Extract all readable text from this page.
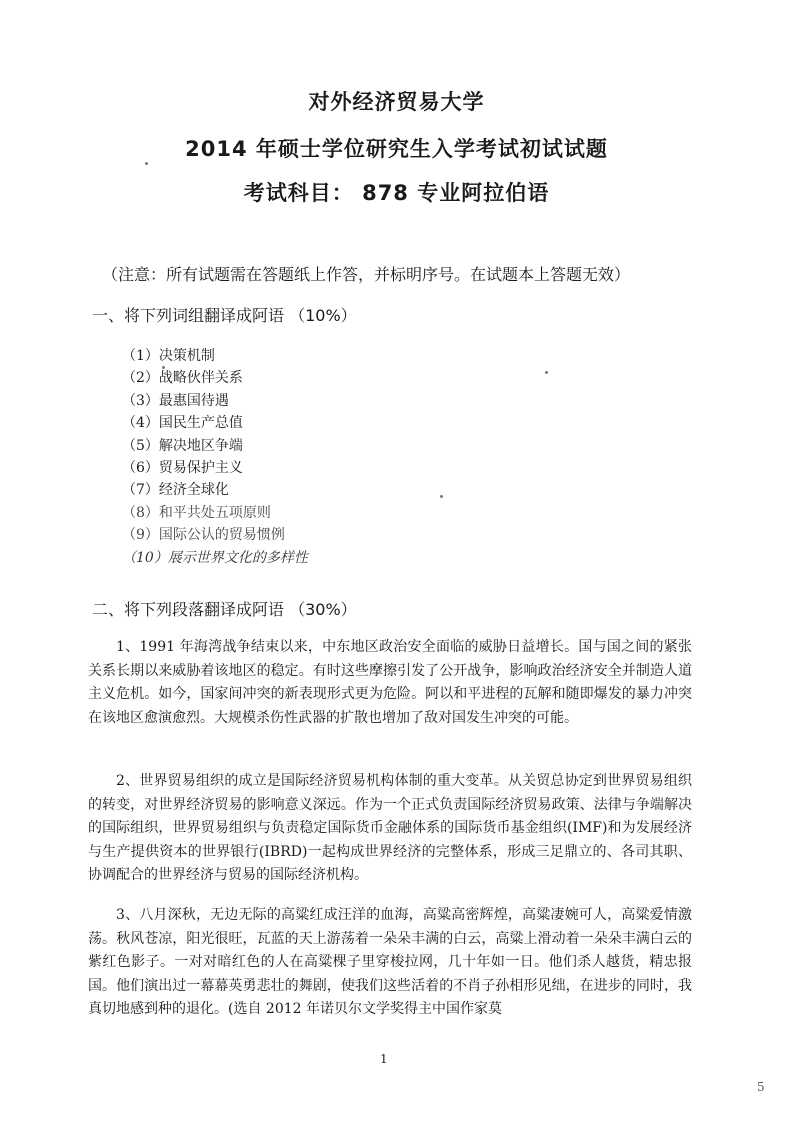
对外经济贸易大学
2014 年硕士学位研究生入学考试初试试题
考试科目： 878 专业阿拉伯语
（注意：所有试题需在答题纸上作答，并标明序号。在试题本上答题无效）
一、将下列词组翻译成阿语 （10%）
（1）决策机制
（2）战略伙伴关系
（3）最惠国待遇
（4）国民生产总值
（5）解决地区争端
（6）贸易保护主义
（7）经济全球化
（8）和平共处五项原则
（9）国际公认的贸易惯例
（10）展示世界文化的多样性
二、将下列段落翻译成阿语 （30%）

1、1991 年海湾战争结束以来，中东地区政治安全面临的威胁日益增长。国与国之间的紧张关系长期以来威胁着该地区的稳定。有时这些摩擦引发了公开战争，影响政治经济安全并制造人道主义危机。如今，国家间冲突的新表现形式更为危险。阿以和平进程的瓦解和随即爆发的暴力冲突在该地区愈演愈烈。大规模杀伤性武器的扩散也增加了敌对国发生冲突的可能。

2、世界贸易组织的成立是国际经济贸易机构体制的重大变革。从关贸总协定到世界贸易组织的转变，对世界经济贸易的影响意义深远。作为一个正式负责国际经济贸易政策、法律与争端解决的国际组织，世界贸易组织与负责稳定国际货币金融体系的国际货币基金组织(IMF)和为发展经济与生产提供资本的世界银行(IBRD)一起构成世界经济的完整体系，形成三足鼎立的、各司其职、协调配合的世界经济与贸易的国际经济机构。

3、八月深秋，无边无际的高粱红成汪洋的血海，高粱高密辉煌，高粱凄婉可人，高粱爱情激荡。秋风苍凉，阳光很旺，瓦蓝的天上游荡着一朵朵丰满的白云，高粱上滑动着一朵朵丰满白云的紫红色影子。一对对暗红色的人在高粱棵子里穿梭拉网，几十年如一日。他们杀人越货，精忠报国。他们演出过一幕幕英勇悲壮的舞剧，使我们这些活着的不肖子孙相形见绌，在进步的同时，我真切地感到种的退化。(选自 2012 年诺贝尔文学奖得主中国作家莫

1
5
